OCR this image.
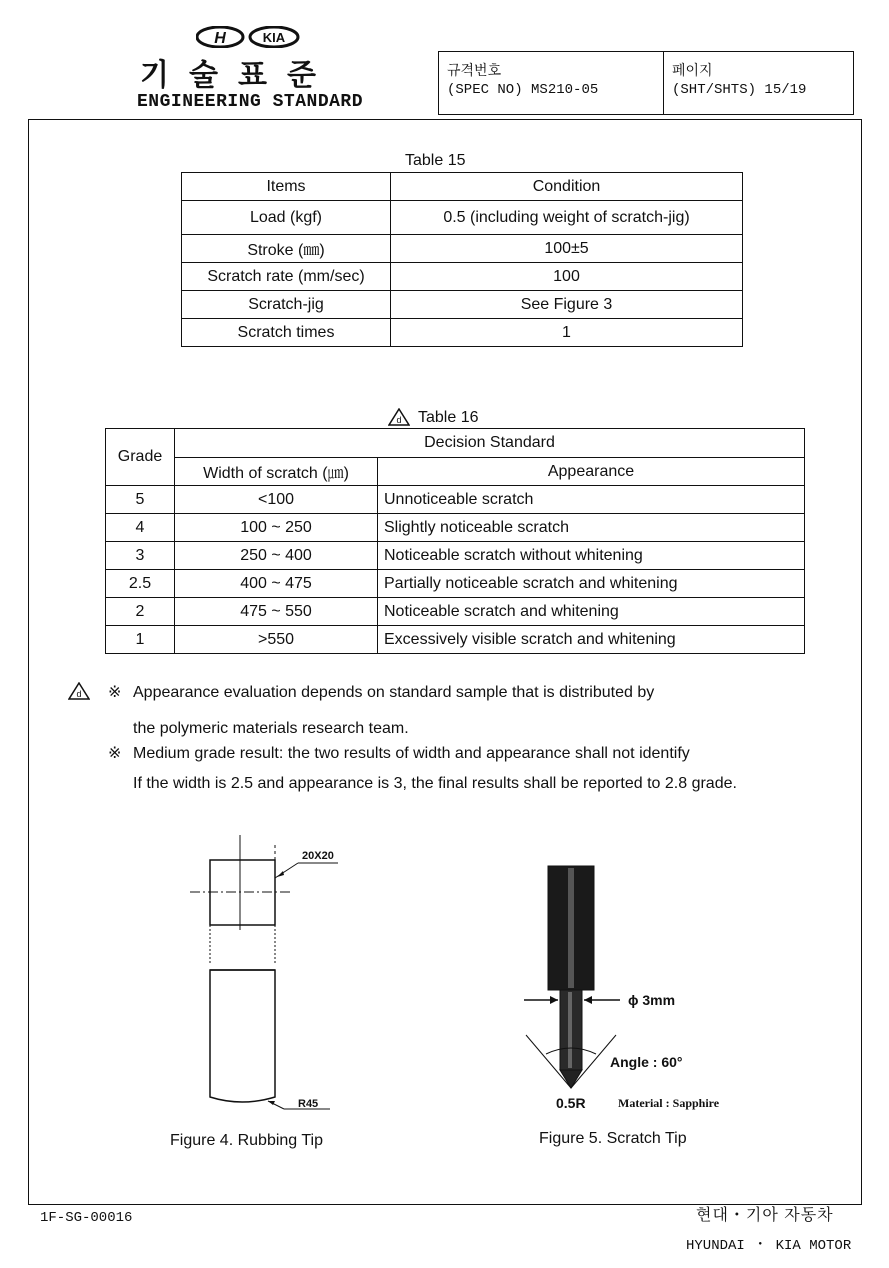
H	KIA
기술표준
ENGINEERING STANDARD
규격번호
(SPEC NO) MS210-05
페이지
(SHT/SHTS) 15/19
Table 15
Items	Condition
Load (kgf)	0.5 (including weight of scratch-jig)
Stroke (㎜)	100±5
Scratch rate (mm/sec)	100
Scratch-jig	See Figure 3
Scratch times	1
d Table 16
Grade	Decision Standard	
	Width of scratch (㎛)	Appearance
5	<100	Unnoticeable scratch
4	100 ~ 250	Slightly noticeable scratch
3	250 ~ 400	Noticeable scratch without whitening
2.5	400 ~ 475	Partially noticeable scratch and whitening
2	475 ~ 550	Noticeable scratch and whitening
1	>550	Excessively visible scratch and whitening
d ※ Appearance evaluation depends on standard sample that is distributed by
the polymeric materials research team.
※ Medium grade result: the two results of width and appearance shall not identify
If the width is 2.5 and appearance is 3, the final results shall be reported to 2.8 grade.
20X20
R45
Figure 4. Rubbing Tip
ϕ 3mm
Angle : 60°
0.5R	Material : Sapphire
Figure 5. Scratch Tip
1F-SG-00016	현대・기아 자동차
HYUNDAI ・ KIA MOTOR
